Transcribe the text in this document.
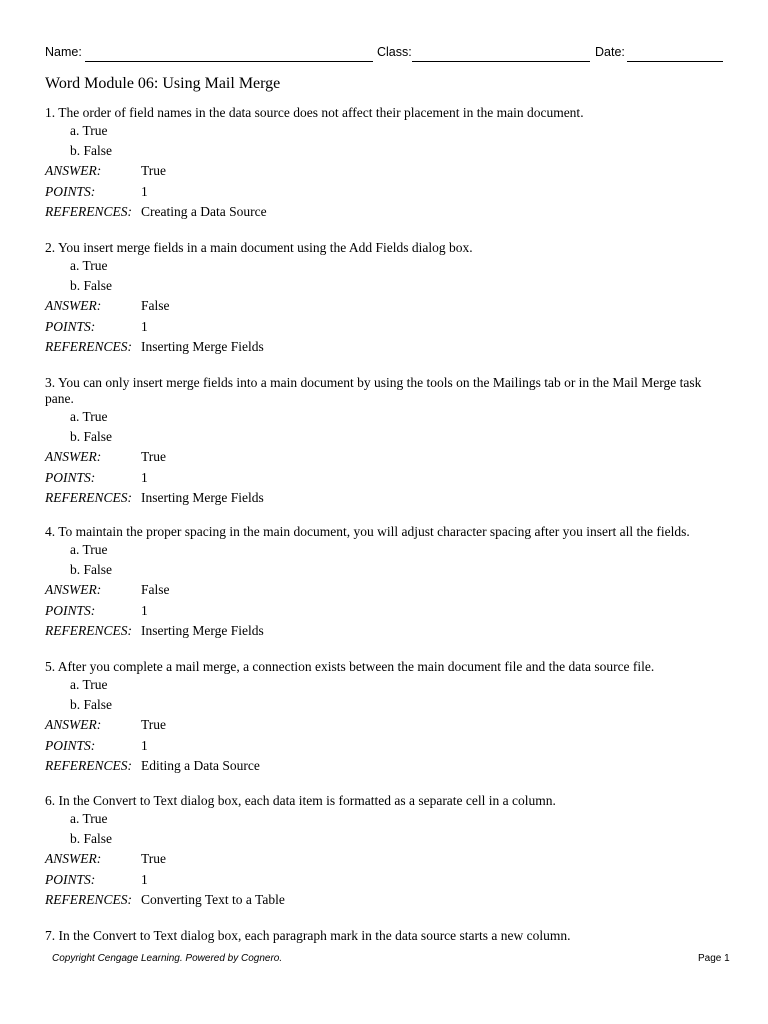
Name:	Class:	Date:
Word Module 06: Using Mail Merge

1. The order of field names in the data source does not affect their placement in the main document.

a. True

b. False

ANSWER:	True
POINTS:	1
REFERENCES: Creating a Data Source

2. You insert merge fields in a main document using the Add Fields dialog box.

a. True

b. False

ANSWER:	False
POINTS:	1
REFERENCES: Inserting Merge Fields

3. You can only insert merge fields into a main document by using the tools on the Mailings tab or in the Mail Merge task pane.

a. True

b. False

ANSWER:	True
POINTS:	1
REFERENCES: Inserting Merge Fields

4. To maintain the proper spacing in the main document, you will adjust character spacing after you insert all the fields.

a. True

b. False

ANSWER:	False
POINTS:	1
REFERENCES: Inserting Merge Fields

5. After you complete a mail merge, a connection exists between the main document file and the data source file.

a. True

b. False

ANSWER:	True
POINTS:	1
REFERENCES: Editing a Data Source

6. In the Convert to Text dialog box, each data item is formatted as a separate cell in a column.

a. True

b. False

ANSWER:	True
POINTS:	1
REFERENCES: Converting Text to a Table

7. In the Convert to Text dialog box, each paragraph mark in the data source starts a new column.

Copyright Cengage Learning. Powered by Cognero.	Page 1
